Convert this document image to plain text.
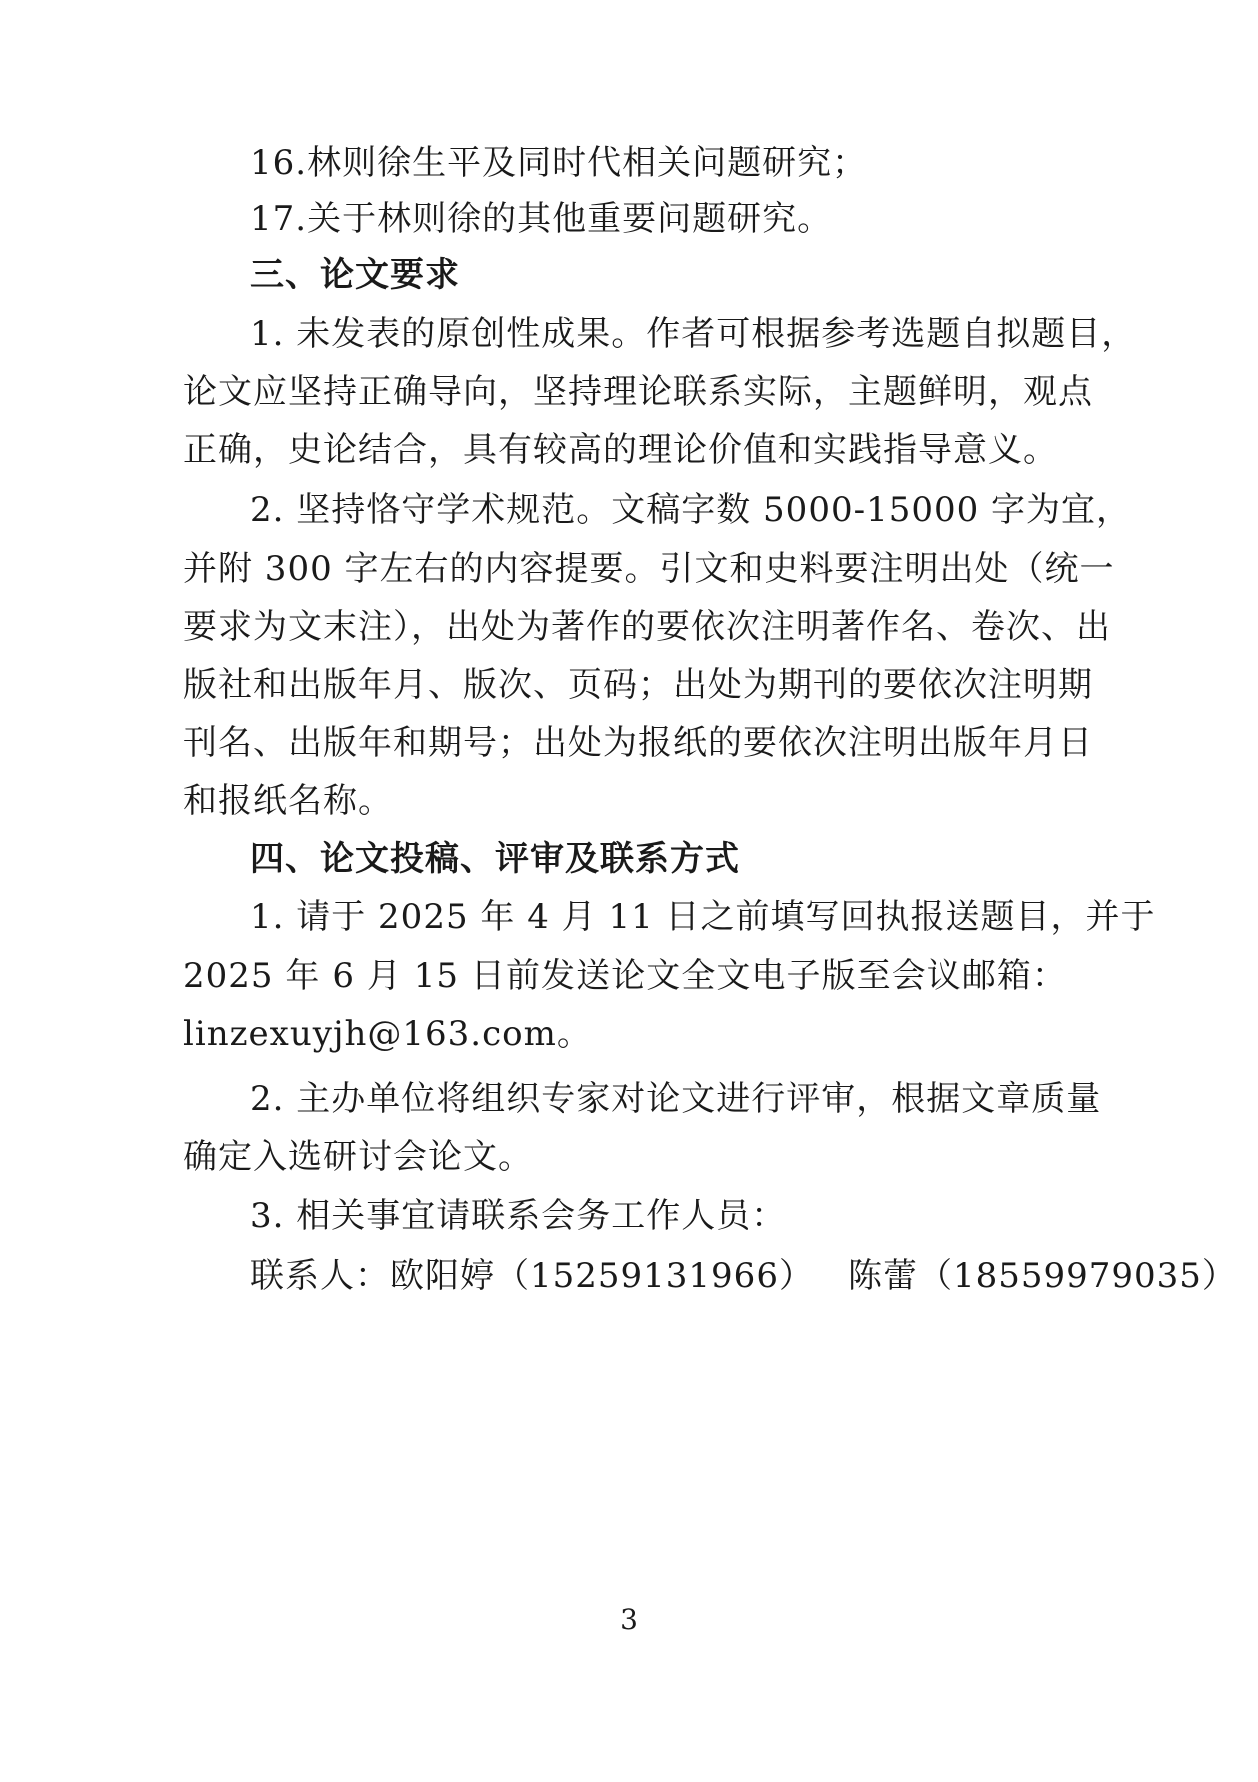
16.林则徐生平及同时代相关问题研究；
17.关于林则徐的其他重要问题研究。
三、论文要求
1. 未发表的原创性成果。作者可根据参考选题自拟题目，
论文应坚持正确导向，坚持理论联系实际，主题鲜明，观点
正确，史论结合，具有较高的理论价值和实践指导意义。
2. 坚持恪守学术规范。文稿字数 5000-15000 字为宜，
并附 300 字左右的内容提要。引文和史料要注明出处（统一
要求为文末注），出处为著作的要依次注明著作名、卷次、出
版社和出版年月、版次、页码；出处为期刊的要依次注明期
刊名、出版年和期号；出处为报纸的要依次注明出版年月日
和报纸名称。
四、论文投稿、评审及联系方式
1. 请于 2025 年 4 月 11 日之前填写回执报送题目，并于
2025 年 6 月 15 日前发送论文全文电子版至会议邮箱：
linzexuyjh@163.com。
2. 主办单位将组织专家对论文进行评审，根据文章质量
确定入选研讨会论文。
3. 相关事宜请联系会务工作人员：
联系人：欧阳婷（15259131966） 陈蕾（18559979035）
3
